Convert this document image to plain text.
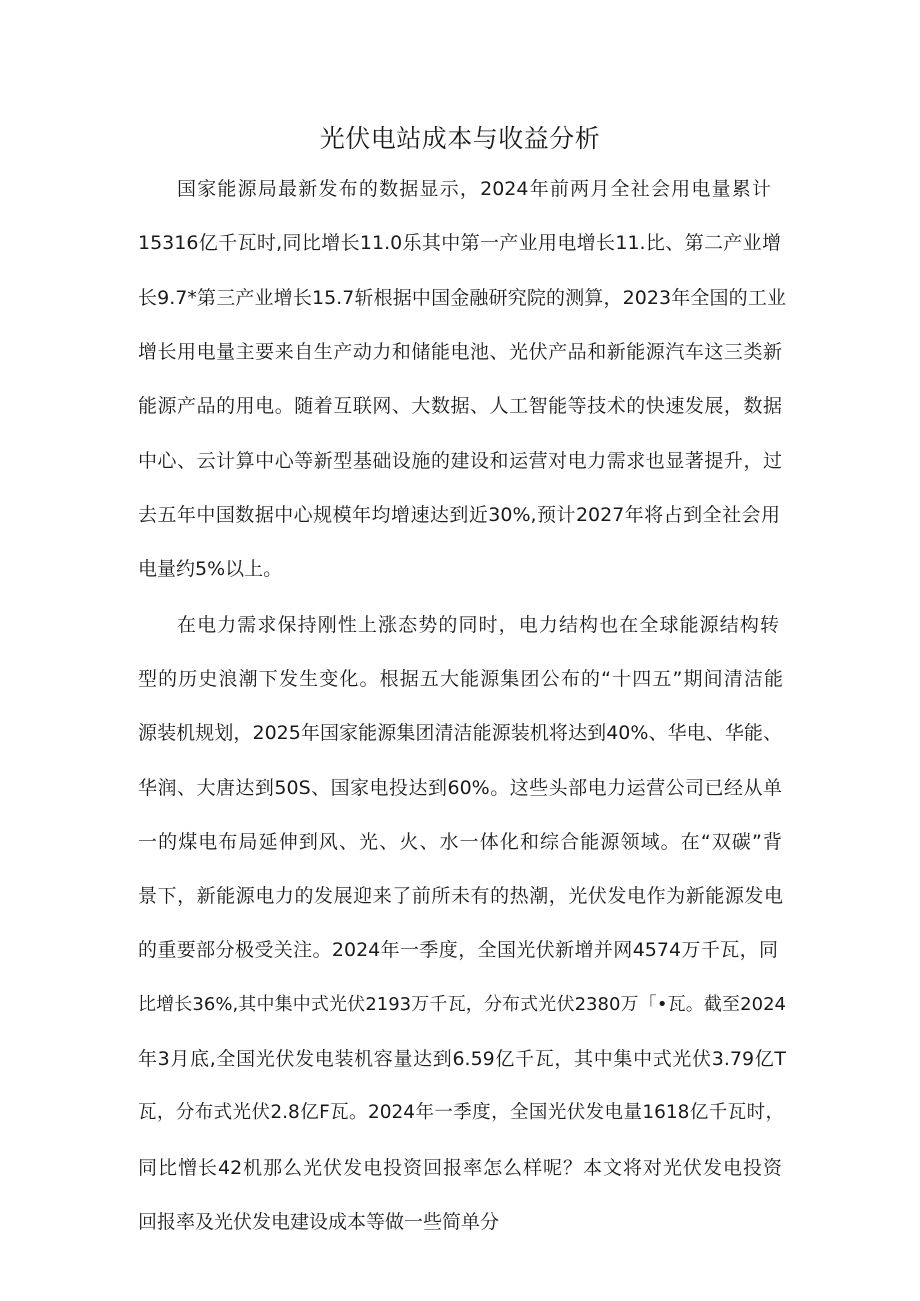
光伏电站成本与收益分析
国家能源局最新发布的数据显示，2024年前两月全社会用电量累计
15316亿千瓦时,同比增长11.0乐其中第一产业用电增长11.比、第二产业增
长9.7*第三产业增长15.7斩根据中国金融研究院的测算，2023年全国的工业
增长用电量主要来自生产动力和储能电池、光伏产品和新能源汽车这三类新
能源产品的用电。随着互联网、大数据、人工智能等技术的快速发展，数据
中心、云计算中心等新型基础设施的建设和运营对电力需求也显著提升，过
去五年中国数据中心规模年均增速达到近30%,预计2027年将占到全社会用
电量约5%以上。
在电力需求保持刚性上涨态势的同时，电力结构也在全球能源结构转
型的历史浪潮下发生变化。根据五大能源集团公布的“十四五”期间清洁能
源装机规划，2025年国家能源集团清洁能源装机将达到40%、华电、华能、
华润、大唐达到50S、国家电投达到60%。这些头部电力运营公司已经从单
一的煤电布局延伸到风、光、火、水一体化和综合能源领域。在“双碳”背
景下，新能源电力的发展迎来了前所未有的热潮，光伏发电作为新能源发电
的重要部分极受关注。2024年一季度，全国光伏新增并网4574万千瓦，同
比增长36%,其中集中式光伏2193万千瓦，分布式光伏2380万「•瓦。截至2024
年3月底,全国光伏发电装机容量达到6.59亿千瓦，其中集中式光伏3.79亿T
瓦，分布式光伏2.8亿F瓦。2024年一季度，全国光伏发电量1618亿千瓦时，
同比憎长42机那么光伏发电投资回报率怎么样呢？本文将对光伏发电投资
回报率及光伏发电建设成本等做一些简单分
